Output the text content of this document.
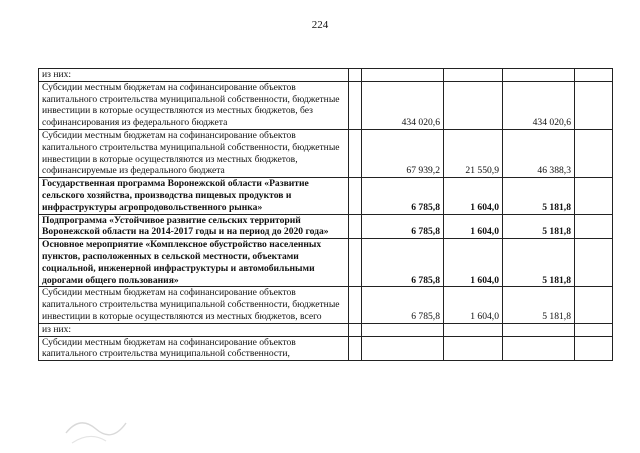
224
из них:					
Субсидии местным бюджетам на софинансирование объектов капитального строительства муниципальной собственности, бюджетные инвестиции в которые осуществляются из местных бюджетов, без софинансирования из федерального бюджета		434 020,6		434 020,6	
Субсидии местным бюджетам на софинансирование объектов капитального строительства муниципальной собственности, бюджетные инвестиции в которые осуществляются из местных бюджетов, софинансируемые из федерального бюджета		67 939,2	21 550,9	46 388,3	
Государственная программа Воронежской области «Развитие сельского хозяйства, производства пищевых продуктов и инфраструктуры агропродовольственного рынка»		6 785,8	1 604,0	5 181,8	
Подпрограмма «Устойчивое развитие сельских территорий Воронежской области на 2014-2017 годы и на период до 2020 года»		6 785,8	1 604,0	5 181,8	
Основное мероприятие «Комплексное обустройство населенных пунктов, расположенных в сельской местности, объектами социальной, инженерной инфраструктуры и автомобильными дорогами общего пользования»		6 785,8	1 604,0	5 181,8	
Субсидии местным бюджетам на софинансирование объектов капитального строительства муниципальной собственности, бюджетные инвестиции в которые осуществляются из местных бюджетов, всего		6 785,8	1 604,0	5 181,8	
из них:					
Субсидии местным бюджетам на софинансирование объектов капитального строительства муниципальной собственности,					
